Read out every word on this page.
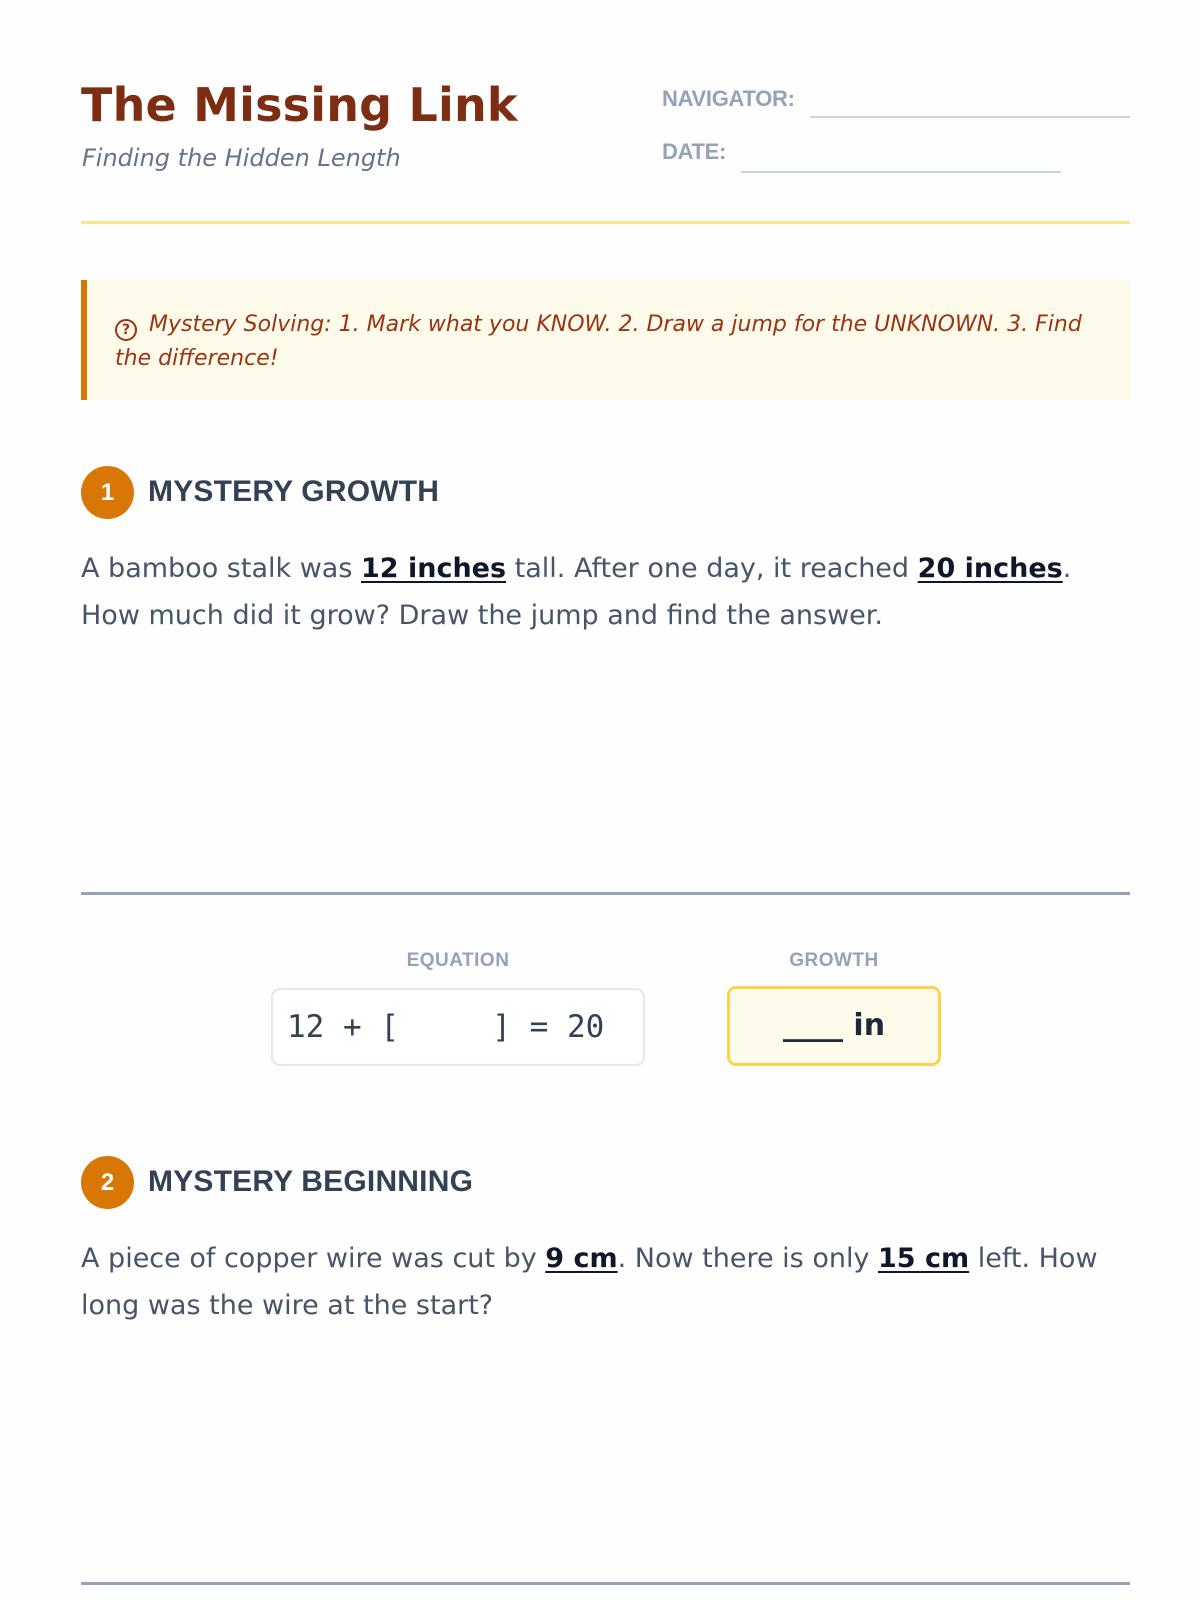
The Missing Link
Finding the Hidden Length
NAVIGATOR:
DATE:
? Mystery Solving: 1. Mark what you KNOW. 2. Draw a jump for the UNKNOWN. 3. Find the difference!
1	MYSTERY GROWTH
A bamboo stalk was 12 inches tall. After one day, it reached 20 inches. How much did it grow? Draw the jump and find the answer.
EQUATION
12 + [     ] = 20
GROWTH
____ in
2	MYSTERY BEGINNING
A piece of copper wire was cut by 9 cm. Now there is only 15 cm left. How long was the wire at the start?
